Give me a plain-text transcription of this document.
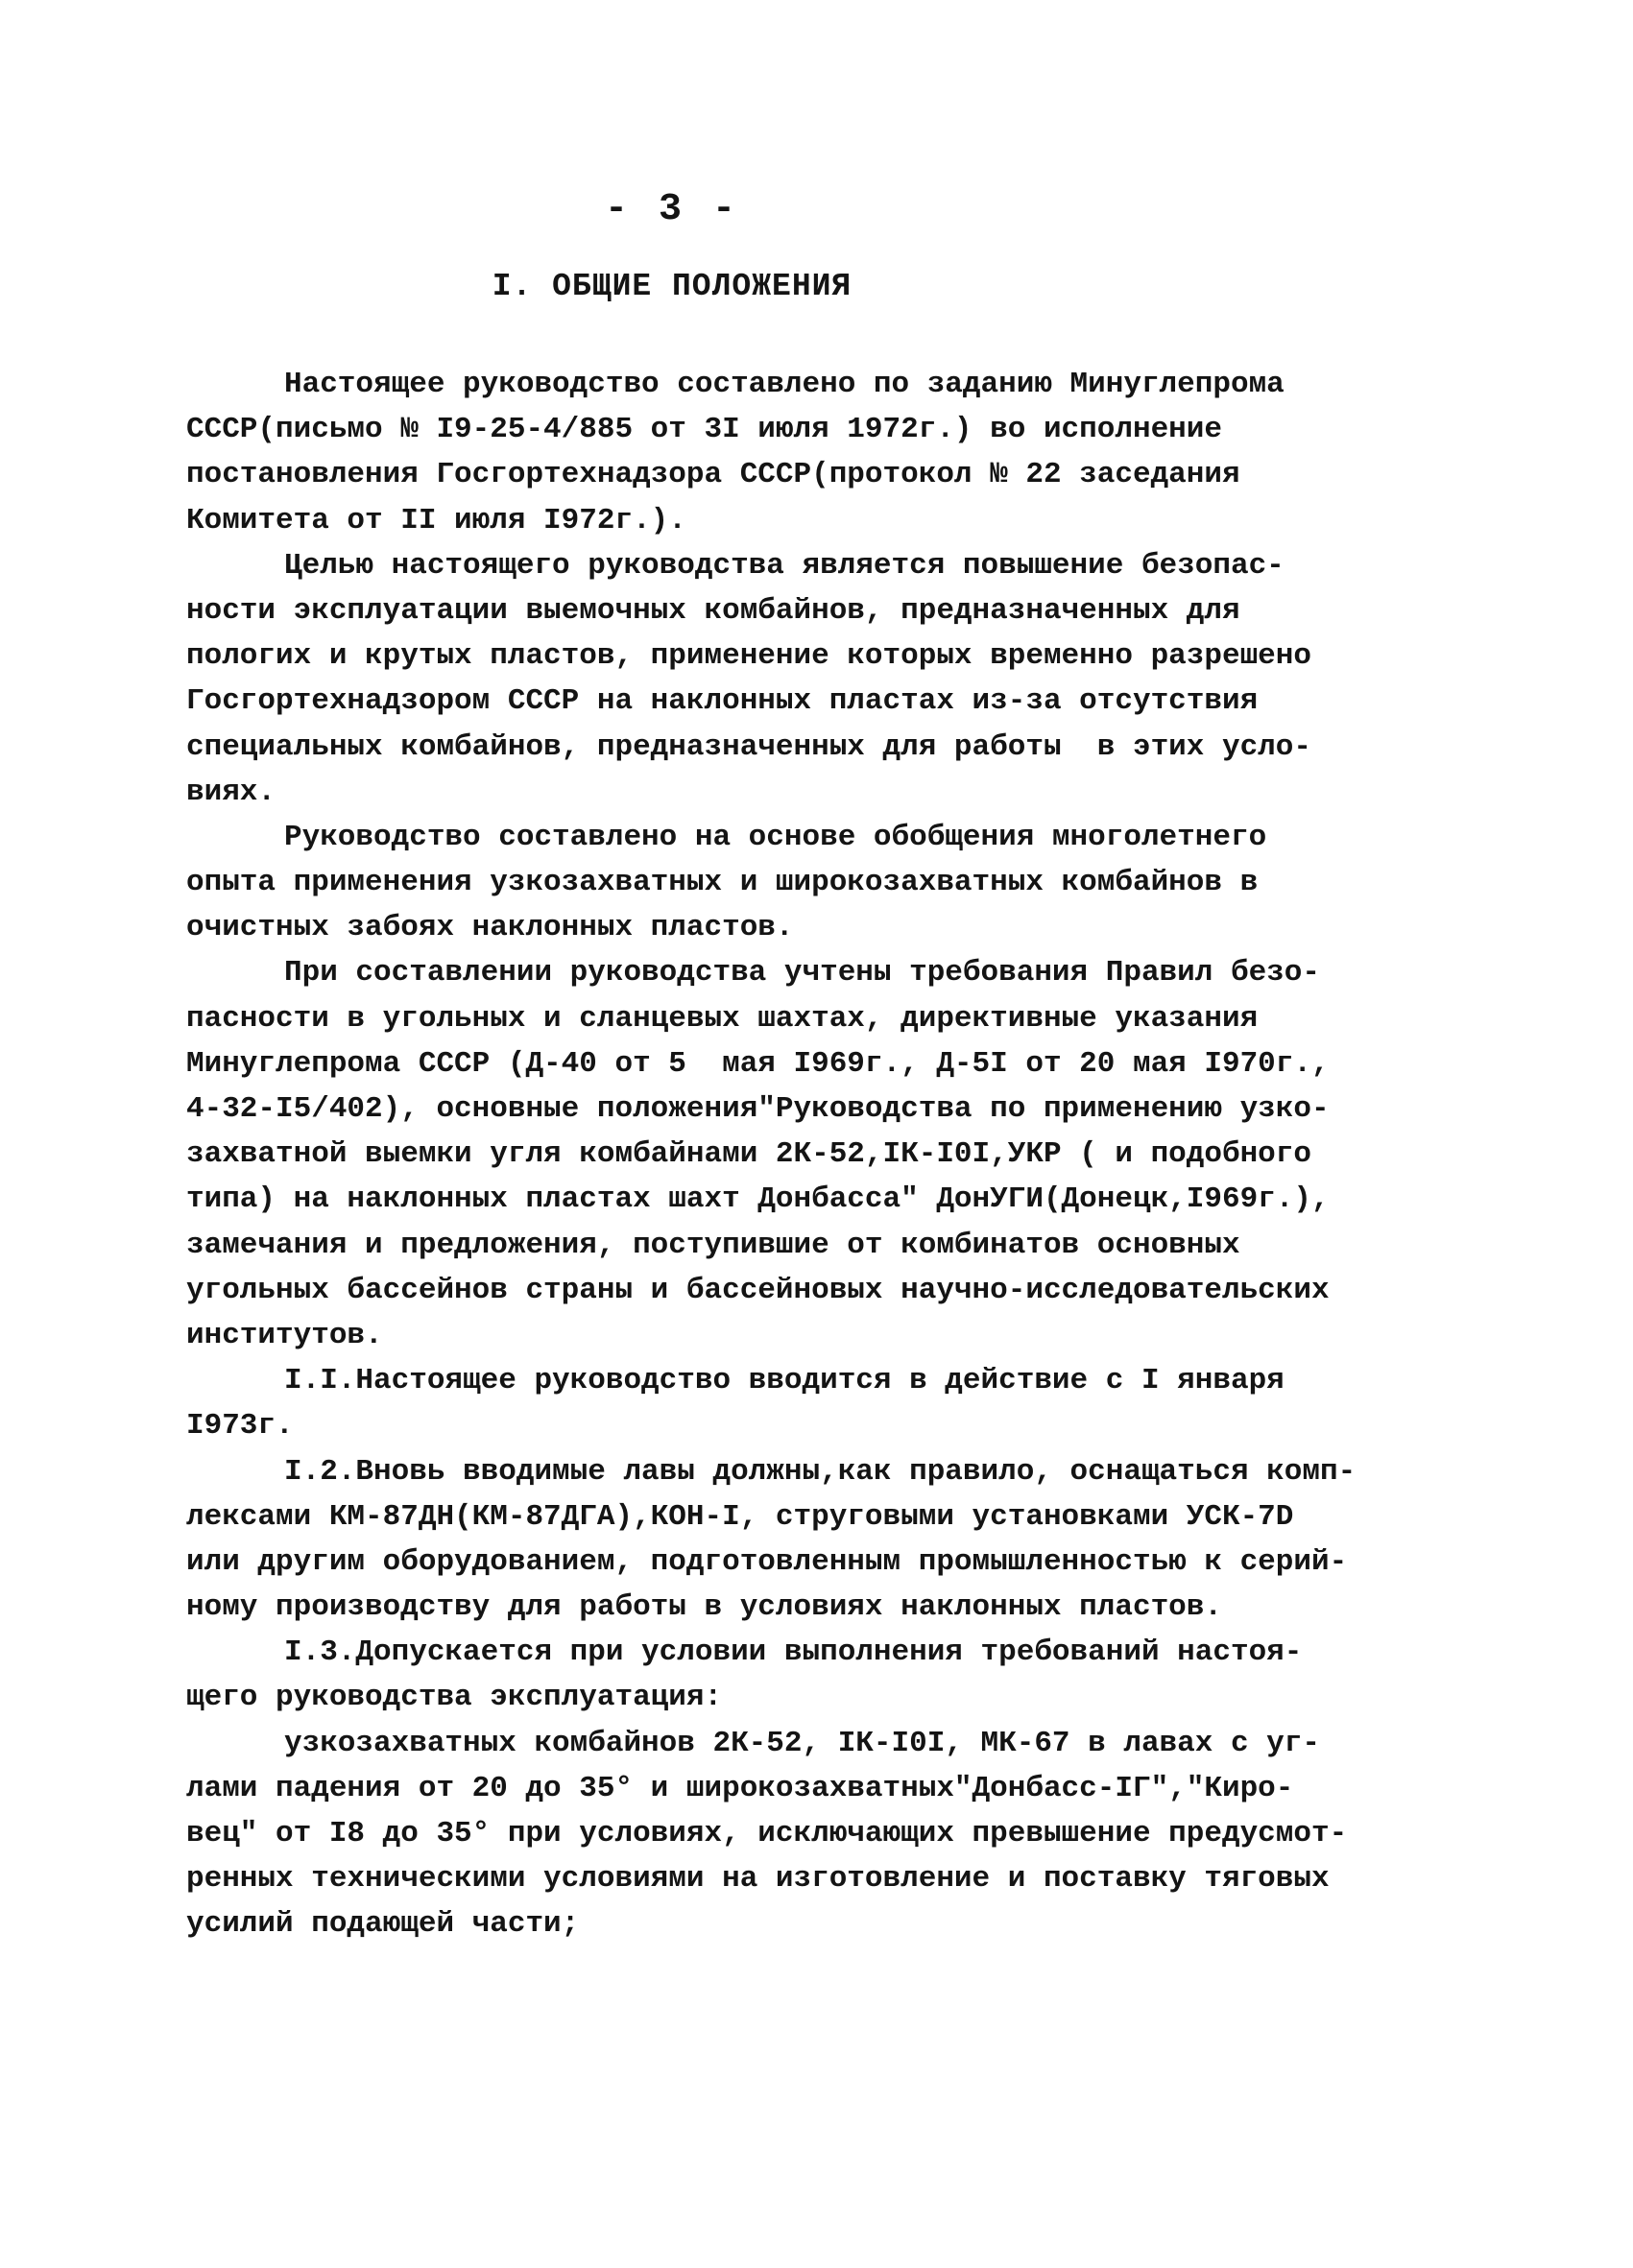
- 3 -
I. ОБЩИЕ ПОЛОЖЕНИЯ
Настоящее руководство составлено по заданию Минуглепрома
СССР(письмо № I9-25-4/885 от 3I июля 1972г.) во исполнение
постановления Госгортехнадзора СССР(протокол № 22 заседания
Комитета от II июля I972г.).
Целью настоящего руководства является повышение безопас-
ности эксплуатации выемочных комбайнов, предназначенных для
пологих и крутых пластов, применение которых временно разрешено
Госгортехнадзором СССР на наклонных пластах из-за отсутствия
специальных комбайнов, предназначенных для работы  в этих усло-
виях.
Руководство составлено на основе обобщения многолетнего
опыта применения узкозахватных и широкозахватных комбайнов в
очистных забоях наклонных пластов.
При составлении руководства учтены требования Правил безо-
пасности в угольных и сланцевых шахтах, директивные указания
Минуглепрома СССР (Д-40 от 5  мая I969г., Д-5I от 20 мая I970г.,
4-32-I5/402), основные положения"Руководства по применению узко-
захватной выемки угля комбайнами 2К-52,IК-I0I,УКР ( и подобного
типа) на наклонных пластах шахт Донбасса" ДонУГИ(Донецк,I969г.),
замечания и предложения, поступившие от комбинатов основных
угольных бассейнов страны и бассейновых научно-исследовательских
институтов.
I.I.Настоящее руководство вводится в действие с I января
I973г.
I.2.Вновь вводимые лавы должны,как правило, оснащаться комп-
лексами КМ-87ДН(КМ-87ДГА),КОН-I, струговыми установками УСК-7D
или другим оборудованием, подготовленным промышленностью к серий-
ному производству для работы в условиях наклонных пластов.
I.3.Допускается при условии выполнения требований настоя-
щего руководства эксплуатация:
узкозахватных комбайнов 2К-52, IК-I0I, МК-67 в лавах с уг-
лами падения от 20 до 35° и широкозахватных"Донбасс-IГ","Киро-
вец" от I8 до 35° при условиях, исключающих превышение предусмот-
ренных техническими условиями на изготовление и поставку тяговых
усилий подающей части;
